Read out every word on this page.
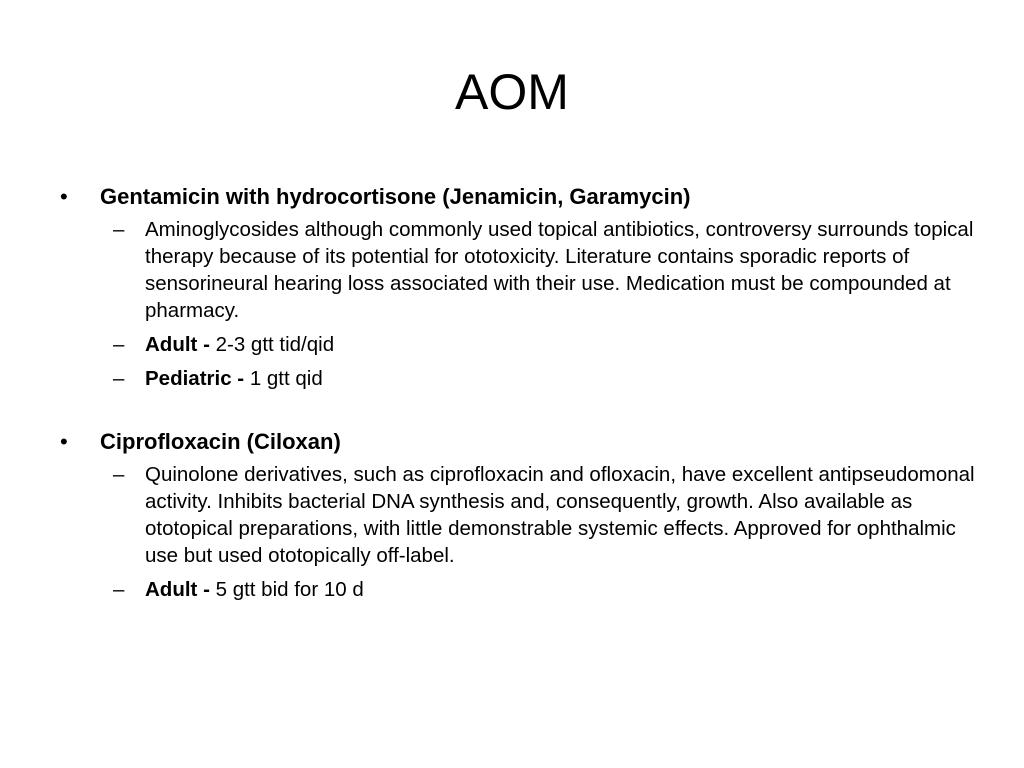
AOM
• Gentamicin with hydrocortisone (Jenamicin, Garamycin)
– Aminoglycosides although commonly used topical antibiotics, controversy surrounds topical therapy because of its potential for ototoxicity. Literature contains sporadic reports of sensorineural hearing loss associated with their use. Medication must be compounded at pharmacy.
– Adult - 2-3 gtt tid/qid
– Pediatric - 1 gtt qid
• Ciprofloxacin (Ciloxan)
– Quinolone derivatives, such as ciprofloxacin and ofloxacin, have excellent antipseudomonal activity. Inhibits bacterial DNA synthesis and, consequently, growth. Also available as ototopical preparations, with little demonstrable systemic effects. Approved for ophthalmic use but used ototopically off-label.
– Adult - 5 gtt bid for 10 d
